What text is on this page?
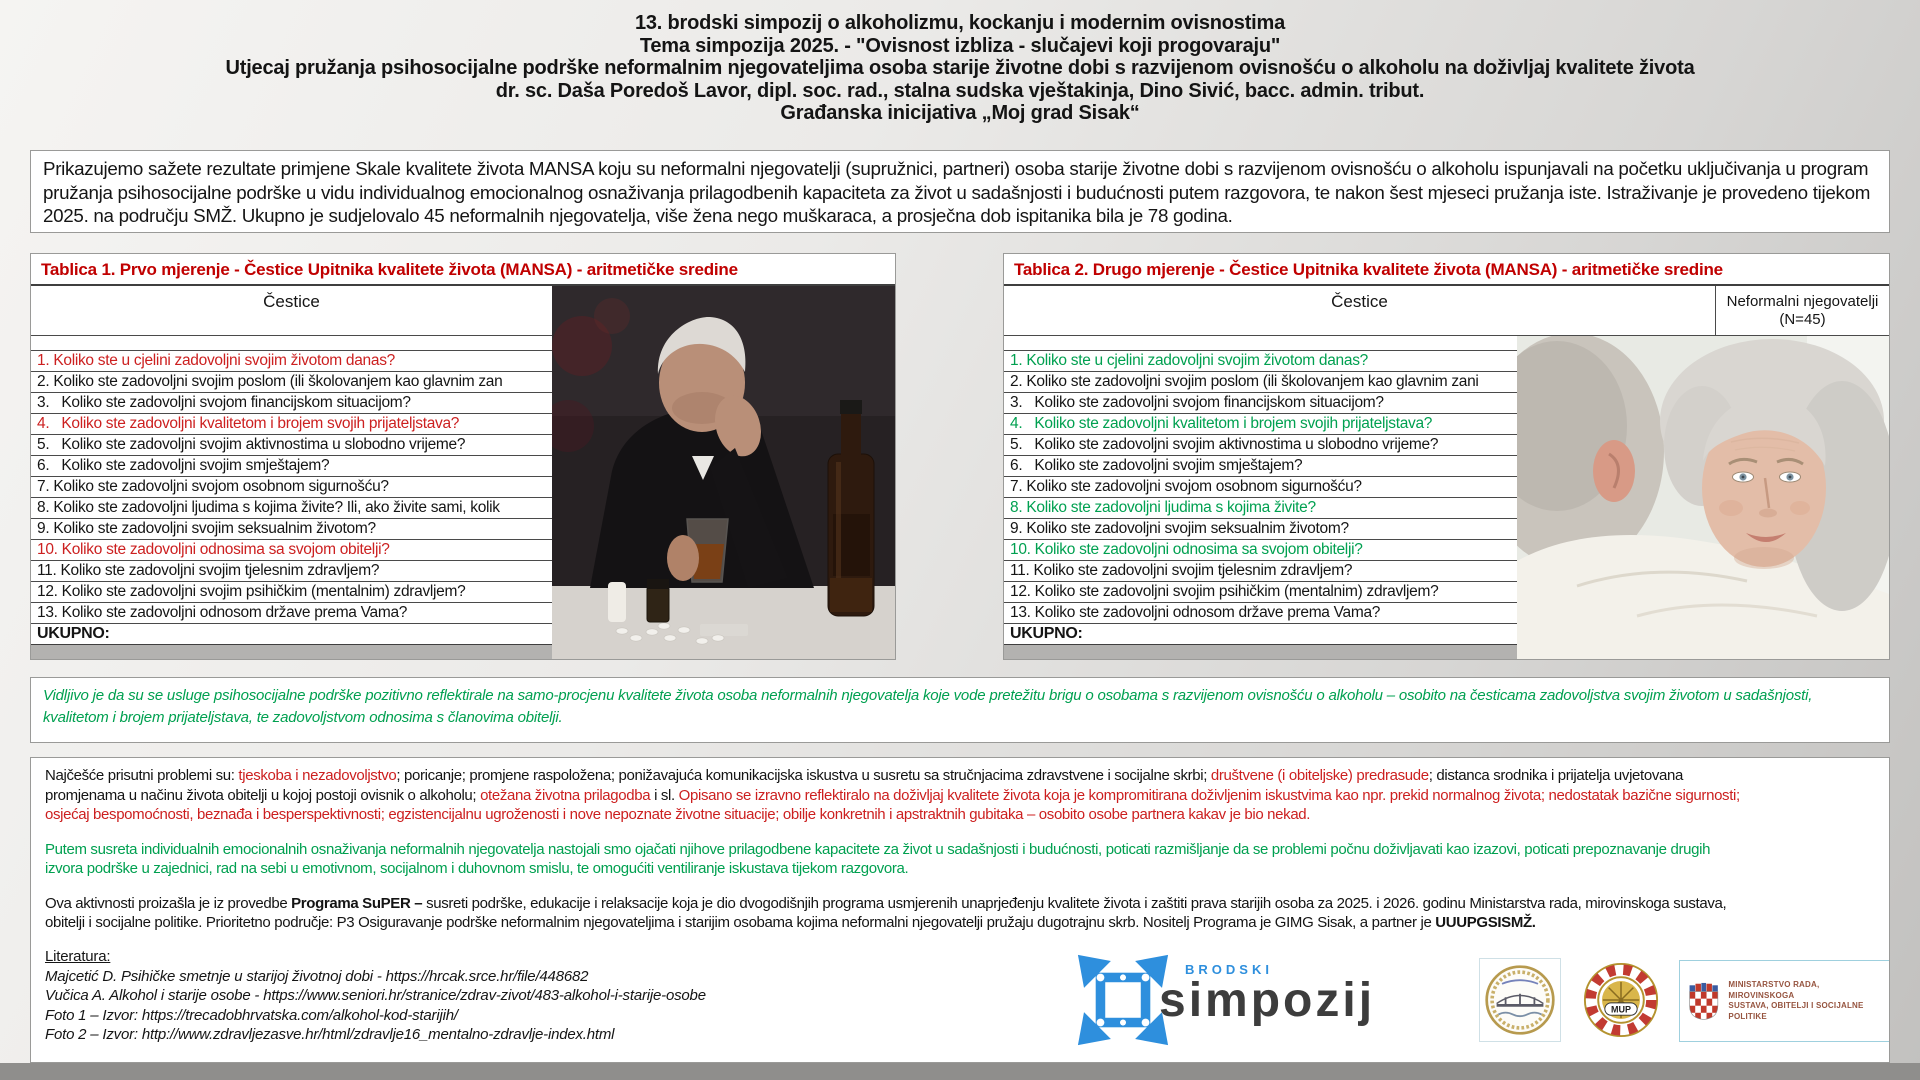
13. brodski simpozij o alkoholizmu, kockanju i modernim ovisnostima
Tema simpozija 2025. - "Ovisnost izbliza - slučajevi koji progovaraju"
Utjecaj pružanja psihosocijalne podrške neformalnim njegovateljima osoba starije životne dobi s razvijenom ovisnošću o alkoholu na doživljaj kvalitete života
dr. sc. Daša Poredoš Lavor, dipl. soc. rad., stalna sudska vještakinja, Dino Sivić, bacc. admin. tribut.
Građanska inicijativa „Moj grad Sisak“
Prikazujemo sažete rezultate primjene Skale kvalitete života MANSA koju su neformalni njegovatelji (supružnici, partneri) osoba starije životne dobi s razvijenom ovisnošću o alkoholu ispunjavali na početku uključivanja u program pružanja psihosocijalne podrške u vidu individualnog emocionalnog osnaživanja prilagodbenih kapaciteta za život u sadašnjosti i budućnosti putem razgovora, te nakon šest mjeseci pružanja iste. Istraživanje je provedeno tijekom 2025. na području SMŽ. Ukupno je sudjelovalo 45 neformalnih njegovatelja, više žena nego muškaraca, a prosječna dob ispitanika bila je 78 godina.
Tablica 1. Prvo mjerenje - Čestice Upitnika kvalitete života (MANSA) - aritmetičke sredine
Čestice
1. Koliko ste u cjelini zadovoljni svojim životom danas?
2. Koliko ste zadovoljni svojim poslom (ili školovanjem kao glavnim zan
3.   Koliko ste zadovoljni svojom financijskom situacijom?
4.   Koliko ste zadovoljni kvalitetom i brojem svojih prijateljstava?
5.   Koliko ste zadovoljni svojim aktivnostima u slobodno vrijeme?
6.   Koliko ste zadovoljni svojim smještajem?
7. Koliko ste zadovoljni svojom osobnom sigurnošću?
8. Koliko ste zadovoljni ljudima s kojima živite? Ili, ako živite sami, kolik
9. Koliko ste zadovoljni svojim seksualnim životom?
10. Koliko ste zadovoljni odnosima sa svojom obitelji?
11. Koliko ste zadovoljni svojim tjelesnim zdravljem?
12. Koliko ste zadovoljni svojim psihičkim (mentalnim) zdravljem?
13. Koliko ste zadovoljni odnosom države prema Vama?
UKUPNO:
Tablica 2. Drugo mjerenje - Čestice Upitnika kvalitete života (MANSA) - aritmetičke sredine
Čestice	Neformalni njegovatelji (N=45)
1. Koliko ste u cjelini zadovoljni svojim životom danas?
2. Koliko ste zadovoljni svojim poslom (ili školovanjem kao glavnim zani
3.   Koliko ste zadovoljni svojom financijskom situacijom?
4.   Koliko ste zadovoljni kvalitetom i brojem svojih prijateljstava?
5.   Koliko ste zadovoljni svojim aktivnostima u slobodno vrijeme?
6.   Koliko ste zadovoljni svojim smještajem?
7. Koliko ste zadovoljni svojom osobnom sigurnošću?
8. Koliko ste zadovoljni ljudima s kojima živite?
9. Koliko ste zadovoljni svojim seksualnim životom?
10. Koliko ste zadovoljni odnosima sa svojom obitelji?
11. Koliko ste zadovoljni svojim tjelesnim zdravljem?
12. Koliko ste zadovoljni svojim psihičkim (mentalnim) zdravljem?
13. Koliko ste zadovoljni odnosom države prema Vama?
UKUPNO:
Vidljivo je da su se usluge psihosocijalne podrške pozitivno reflektirale na samo-procjenu kvalitete života osoba neformalnih njegovatelja koje vode pretežitu brigu o osobama s razvijenom ovisnošću o alkoholu – osobito na česticama zadovoljstva svojim životom u sadašnjosti, kvalitetom i brojem prijateljstava, te zadovoljstvom odnosima s članovima obitelji.

Najčešće prisutni problemi su: tjeskoba i nezadovoljstvo; poricanje; promjene raspoložena; ponižavajuća komunikacijska iskustva u susretu sa stručnjacima zdravstvene i socijalne skrbi; društvene (i obiteljske) predrasude; distanca srodnika i prijatelja uvjetovana promjenama u načinu života obitelji u kojoj postoji ovisnik o alkoholu; otežana životna prilagodba i sl. Opisano se izravno reflektiralo na doživljaj kvalitete života koja je kompromitirana doživljenim iskustvima kao npr. prekid normalnog života; nedostatak bazične sigurnosti; osjećaj bespomoćnosti, beznađa i besperspektivnosti; egzistencijalnu ugroženosti i nove nepoznate životne situacije; obilje konkretnih i apstraktnih gubitaka – osobito osobe partnera kakav je bio nekad.

Putem susreta individualnih emocionalnih osnaživanja neformalnih njegovatelja nastojali smo ojačati njihove prilagodbene kapacitete za život u sadašnjosti i budućnosti, poticati razmišljanje da se problemi počnu doživljavati kao izazovi, poticati prepoznavanje drugih izvora podrške u zajednici, rad na sebi u emotivnom, socijalnom i duhovnom smislu, te omogućiti ventiliranje iskustava tijekom razgovora.

Ova aktivnosti proizašla je iz provedbe Programa SuPER – susreti podrške, edukacije i relaksacije koja je dio dvogodišnjih programa usmjerenih unaprjeđenju kvalitete života i zaštiti prava starijih osoba za 2025. i 2026. godinu Ministarstva rada, mirovinskoga sustava, obitelji i socijalne politike. Prioritetno područje: P3 Osiguravanje podrške neformalnim njegovateljima i starijim osobama kojima neformalni njegovatelji pružaju dugotrajnu skrb. Nositelj Programa je GIMG Sisak, a partner je UUUPGSISMŽ.

Literatura:
Majcetić D. Psihičke smetnje u starijoj životnoj dobi - https://hrcak.srce.hr/file/448682
Vučica A. Alkohol i starije osobe - https://www.seniori.hr/stranice/zdrav-zivot/483-alkohol-i-starije-osobe
Foto 1 – Izvor: https://trecadobhrvatska.com/alkohol-kod-starijih/
Foto 2 – Izvor: http://www.zdravljezasve.hr/html/zdravlje16_mentalno-zdravlje-index.html
BRODSKI
simpozij	MUP
MINISTARSTVO RADA, MIROVINSKOGA
SUSTAVA, OBITELJI I SOCIJALNE POLITIKE
